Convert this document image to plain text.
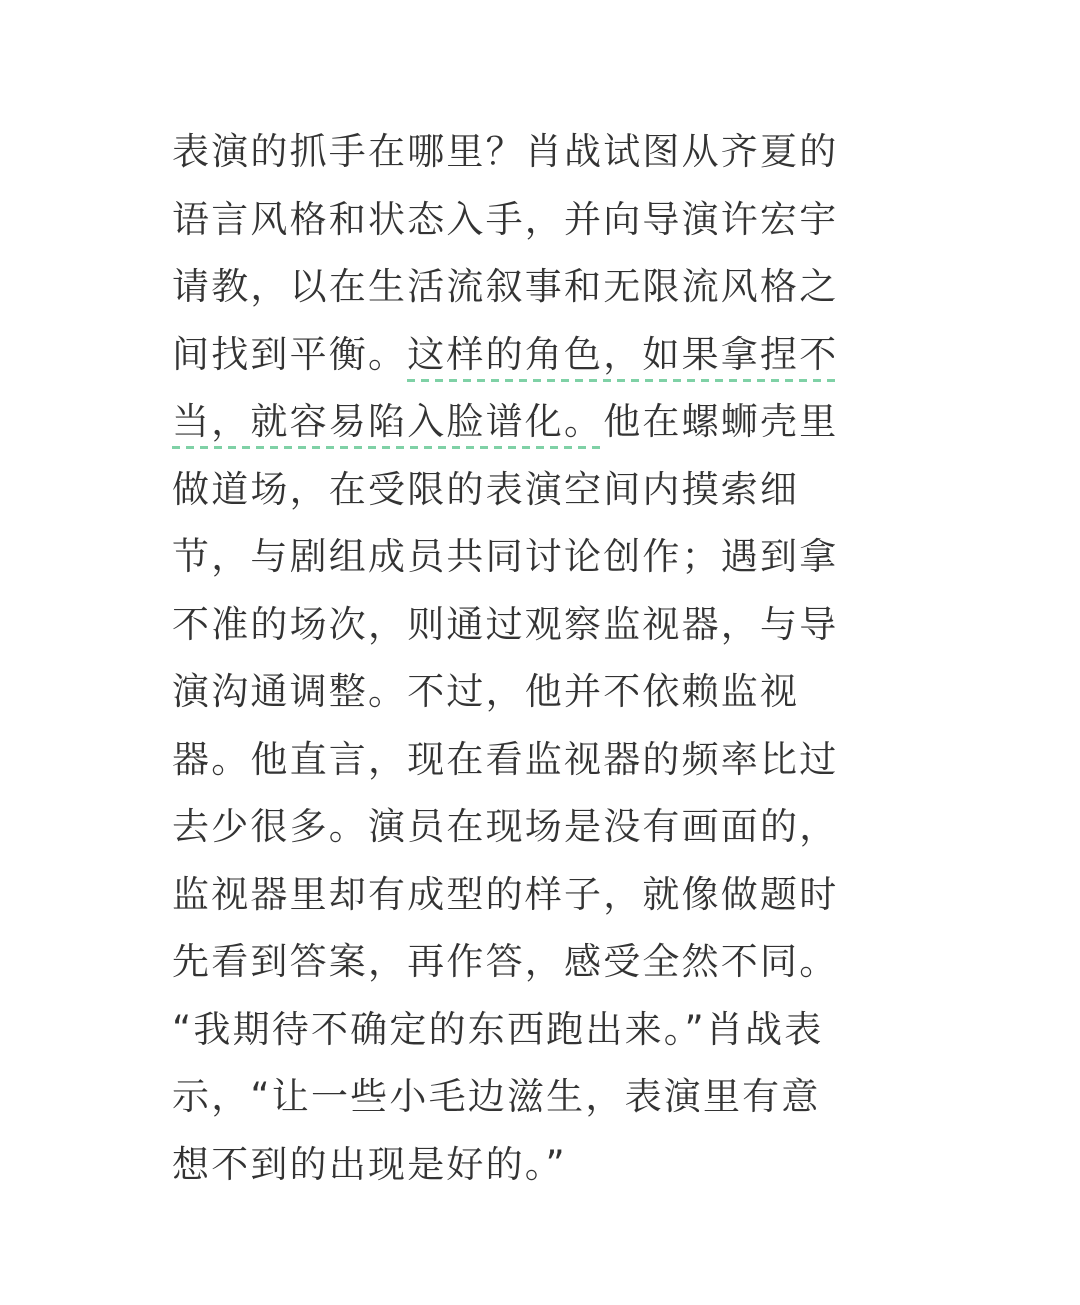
表演的抓手在哪里？肖战试图从齐夏的
语言风格和状态入手，并向导演许宏宇
请教，以在生活流叙事和无限流风格之
间找到平衡。这样的角色，如果拿捏不
当，就容易陷入脸谱化。他在螺蛳壳里
做道场，在受限的表演空间内摸索细
节，与剧组成员共同讨论创作；遇到拿
不准的场次，则通过观察监视器，与导
演沟通调整。不过，他并不依赖监视
器。他直言，现在看监视器的频率比过
去少很多。演员在现场是没有画面的，
监视器里却有成型的样子，就像做题时
先看到答案，再作答，感受全然不同。
“我期待不确定的东西跑出来。”肖战表
示，“让一些小毛边滋生，表演里有意
想不到的出现是好的。”
